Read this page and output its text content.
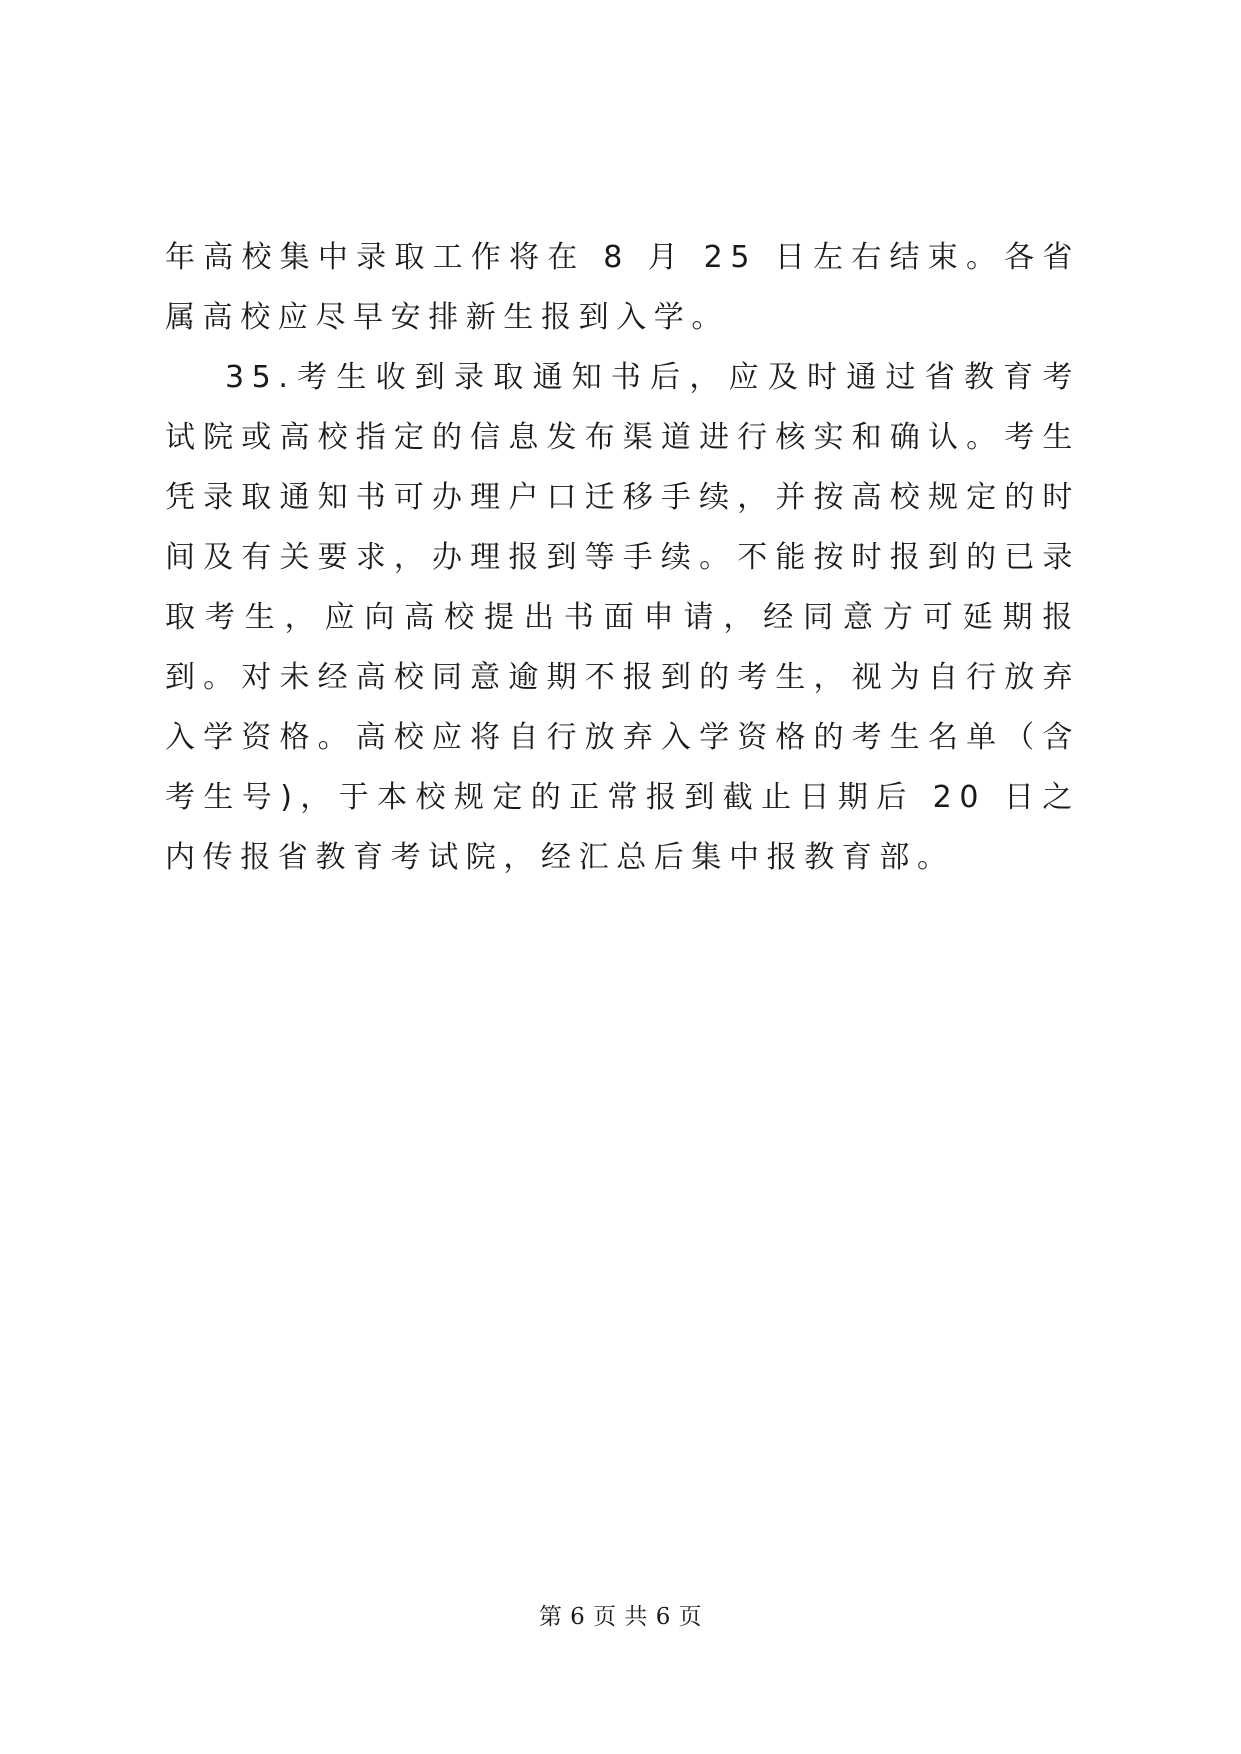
年高校集中录取工作将在 8 月 25 日左右结束。各省属高校应尽早安排新生报到入学。

35.考生收到录取通知书后，应及时通过省教育考试院或高校指定的信息发布渠道进行核实和确认。考生凭录取通知书可办理户口迁移手续，并按高校规定的时间及有关要求，办理报到等手续。不能按时报到的已录取考生，应向高校提出书面申请，经同意方可延期报到。对未经高校同意逾期不报到的考生，视为自行放弃入学资格。高校应将自行放弃入学资格的考生名单（含考生号)，于本校规定的正常报到截止日期后 20 日之内传报省教育考试院，经汇总后集中报教育部。

第 6 页 共 6 页
